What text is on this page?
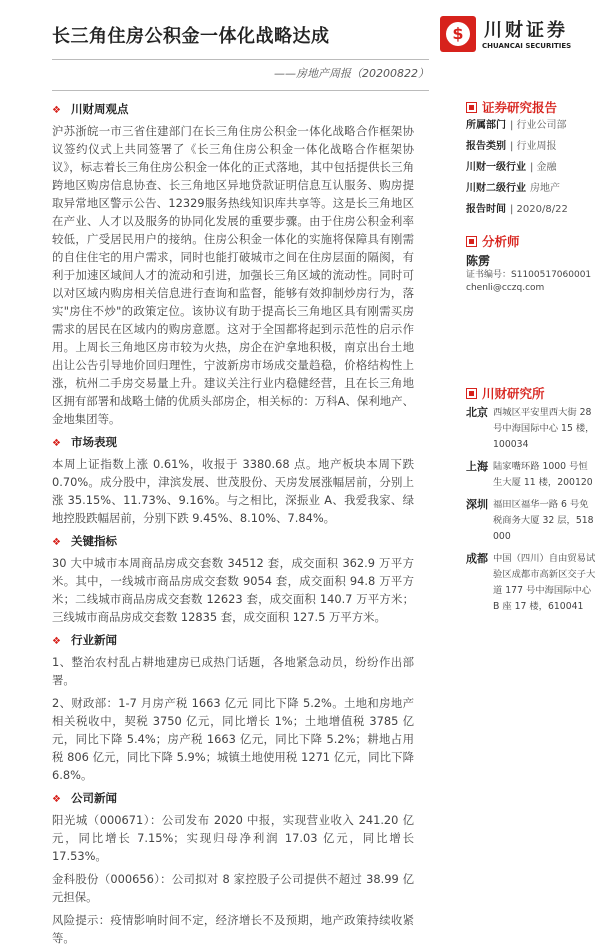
长三角住房公积金一体化战略达成
——房地产周报（20200822）
$	川财证券
CHUANCAI SECURITIES
❖ 川财周观点
沪苏浙皖一市三省住建部门在长三角住房公积金一体化战略合作框架协议签约仪式上共同签署了《长三角住房公积金一体化战略合作框架协议》，标志着长三角住房公积金一体化的正式落地，其中包括提供长三角跨地区购房信息协查、长三角地区异地贷款证明信息互认服务、购房提取异常地区警示公告、12329服务热线知识库共享等。这是长三角地区在产业、人才以及服务的协同化发展的重要步骤。由于住房公积金利率较低，广受居民用户的接纳。住房公积金一体化的实施将保障具有刚需的自住住宅的用户需求，同时也能打破城市之间在住房层面的隔阂，有利于加速区域间人才的流动和引进，加强长三角区域的流动性。同时可以对区域内购房相关信息进行查询和监督，能够有效抑制炒房行为，落实"房住不炒"的政策定位。该协议有助于提高长三角地区具有刚需买房需求的居民在区域内的购房意愿。这对于全国都将起到示范性的启示作用。上周长三角地区房市较为火热，房企在沪拿地积极，南京出台土地出让公告引导地价回归理性，宁波新房市场成交量趋稳，价格结构性上涨，杭州二手房交易量上升。建议关注行业内稳健经营，且在长三角地区拥有部署和战略土储的优质头部房企，相关标的：万科A、保利地产、金地集团等。
❖ 市场表现
本周上证指数上涨 0.61%，收报于 3380.68 点。地产板块本周下跌 0.70%。成分股中，津滨发展、世茂股份、天房发展涨幅居前，分别上涨 35.15%、11.73%、9.16%。与之相比，深振业 A、我爱我家、绿地控股跌幅居前，分别下跌 9.45%、8.10%、7.84%。
❖ 关键指标
30 大中城市本周商品房成交套数 34512 套，成交面积 362.9 万平方米。其中，一线城市商品房成交套数 9054 套，成交面积 94.8 万平方米；二线城市商品房成交套数 12623 套，成交面积 140.7 万平方米；三线城市商品房成交套数 12835 套，成交面积 127.5 万平方米。
❖ 行业新闻
1、整治农村乱占耕地建房已成热门话题，各地紧急动员，纷纷作出部署。
2、财政部：1-7 月房产税 1663 亿元 同比下降 5.2%。土地和房地产相关税收中，契税 3750 亿元，同比增长 1%；土地增值税 3785 亿元，同比下降 5.4%；房产税 1663 亿元，同比下降 5.2%；耕地占用税 806 亿元，同比下降 5.9%；城镇土地使用税 1271 亿元，同比下降 6.8%。
❖ 公司新闻
阳光城（000671）：公司发布 2020 中报，实现营业收入 241.20 亿元，同比增长 7.15%；实现归母净利润 17.03 亿元，同比增长 17.53%。
金科股份（000656）：公司拟对 8 家控股子公司提供不超过 38.99 亿元担保。
风险提示：疫情影响时间不定，经济增长不及预期，地产政策持续收紧等。
证券研究报告
所属部门 | 行业公司部
报告类别 | 行业周报
川财一级行业 | 金融
川财二级行业 房地产
报告时间 | 2020/8/22
分析师
陈雳
证书编号：S1100517060001
chenli@cczq.com
川财研究所
北京 西城区平安里西大街 28 号中海国际中心 15 楼，100034
上海 陆家嘴环路 1000 号恒生大厦 11 楼，200120
深圳 福田区福华一路 6 号免税商务大厦 32 层，518000
成都 中国（四川）自由贸易试验区成都市高新区交子大道 177 号中海国际中心 B 座 17 楼，610041
